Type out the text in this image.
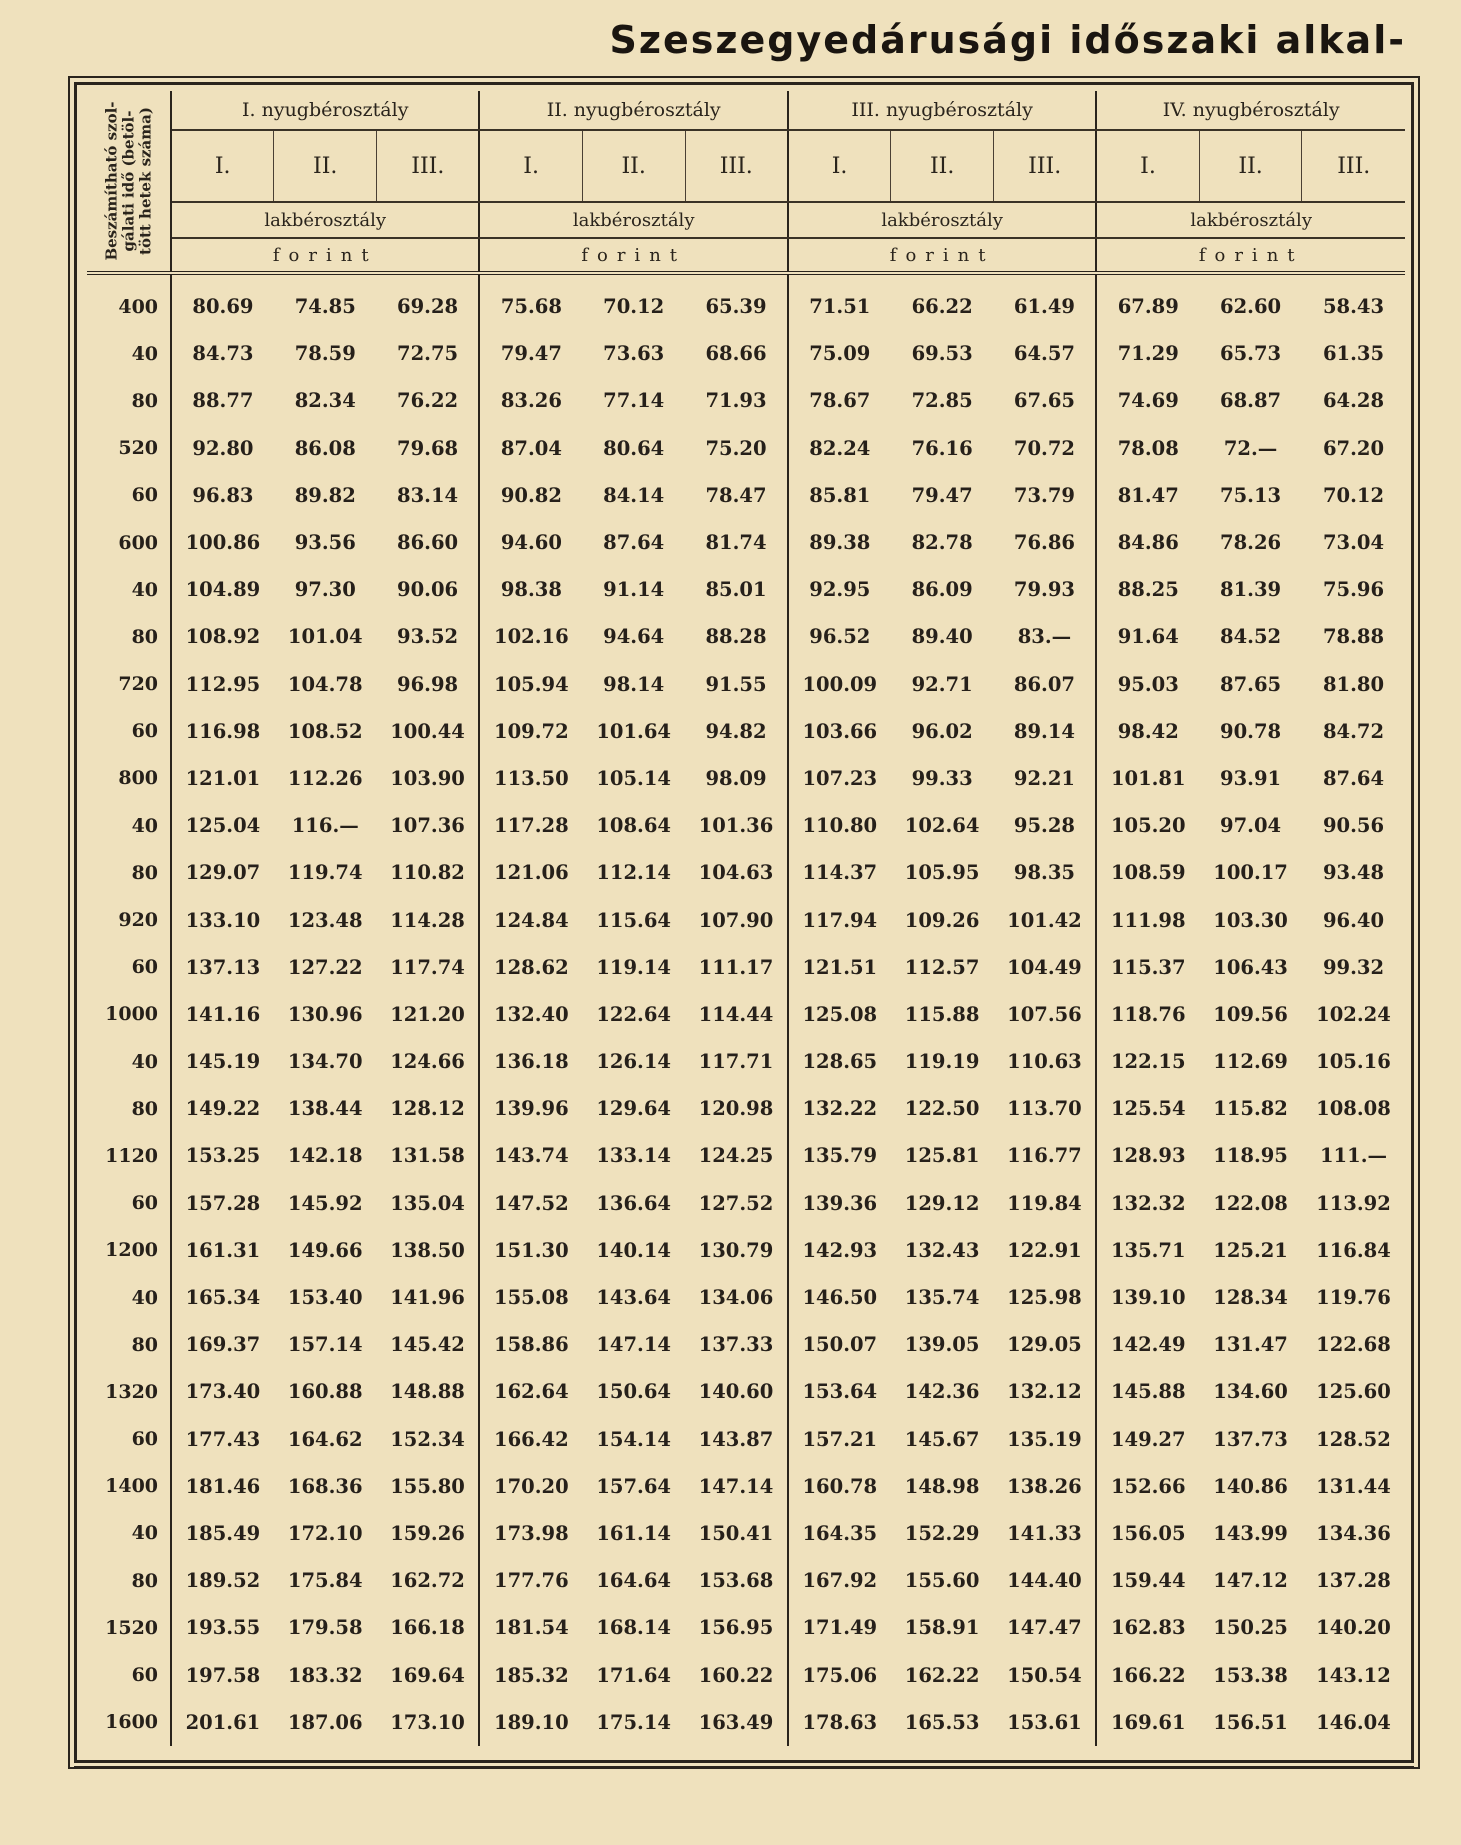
Szeszegyedárusági időszaki alkal-
Beszámítható szol- gálati idő (betöl- tött hetek száma)	I. nyugbérosztály			II. nyugbérosztály			III. nyugbérosztály			IV. nyugbérosztály		
	I.	II.	III.	I.	II.	III.	I.	II.	III.	I.	II.	III.
	lakbérosztály			lakbérosztály			lakbérosztály			lakbérosztály		
	forint			forint			forint			forint		
400	80.69	74.85	69.28	75.68	70.12	65.39	71.51	66.22	61.49	67.89	62.60	58.43
40	84.73	78.59	72.75	79.47	73.63	68.66	75.09	69.53	64.57	71.29	65.73	61.35
80	88.77	82.34	76.22	83.26	77.14	71.93	78.67	72.85	67.65	74.69	68.87	64.28
520	92.80	86.08	79.68	87.04	80.64	75.20	82.24	76.16	70.72	78.08	72.—	67.20
60	96.83	89.82	83.14	90.82	84.14	78.47	85.81	79.47	73.79	81.47	75.13	70.12
600	100.86	93.56	86.60	94.60	87.64	81.74	89.38	82.78	76.86	84.86	78.26	73.04
40	104.89	97.30	90.06	98.38	91.14	85.01	92.95	86.09	79.93	88.25	81.39	75.96
80	108.92	101.04	93.52	102.16	94.64	88.28	96.52	89.40	83.—	91.64	84.52	78.88
720	112.95	104.78	96.98	105.94	98.14	91.55	100.09	92.71	86.07	95.03	87.65	81.80
60	116.98	108.52	100.44	109.72	101.64	94.82	103.66	96.02	89.14	98.42	90.78	84.72
800	121.01	112.26	103.90	113.50	105.14	98.09	107.23	99.33	92.21	101.81	93.91	87.64
40	125.04	116.—	107.36	117.28	108.64	101.36	110.80	102.64	95.28	105.20	97.04	90.56
80	129.07	119.74	110.82	121.06	112.14	104.63	114.37	105.95	98.35	108.59	100.17	93.48
920	133.10	123.48	114.28	124.84	115.64	107.90	117.94	109.26	101.42	111.98	103.30	96.40
60	137.13	127.22	117.74	128.62	119.14	111.17	121.51	112.57	104.49	115.37	106.43	99.32
1000	141.16	130.96	121.20	132.40	122.64	114.44	125.08	115.88	107.56	118.76	109.56	102.24
40	145.19	134.70	124.66	136.18	126.14	117.71	128.65	119.19	110.63	122.15	112.69	105.16
80	149.22	138.44	128.12	139.96	129.64	120.98	132.22	122.50	113.70	125.54	115.82	108.08
1120	153.25	142.18	131.58	143.74	133.14	124.25	135.79	125.81	116.77	128.93	118.95	111.—
60	157.28	145.92	135.04	147.52	136.64	127.52	139.36	129.12	119.84	132.32	122.08	113.92
1200	161.31	149.66	138.50	151.30	140.14	130.79	142.93	132.43	122.91	135.71	125.21	116.84
40	165.34	153.40	141.96	155.08	143.64	134.06	146.50	135.74	125.98	139.10	128.34	119.76
80	169.37	157.14	145.42	158.86	147.14	137.33	150.07	139.05	129.05	142.49	131.47	122.68
1320	173.40	160.88	148.88	162.64	150.64	140.60	153.64	142.36	132.12	145.88	134.60	125.60
60	177.43	164.62	152.34	166.42	154.14	143.87	157.21	145.67	135.19	149.27	137.73	128.52
1400	181.46	168.36	155.80	170.20	157.64	147.14	160.78	148.98	138.26	152.66	140.86	131.44
40	185.49	172.10	159.26	173.98	161.14	150.41	164.35	152.29	141.33	156.05	143.99	134.36
80	189.52	175.84	162.72	177.76	164.64	153.68	167.92	155.60	144.40	159.44	147.12	137.28
1520	193.55	179.58	166.18	181.54	168.14	156.95	171.49	158.91	147.47	162.83	150.25	140.20
60	197.58	183.32	169.64	185.32	171.64	160.22	175.06	162.22	150.54	166.22	153.38	143.12
1600	201.61	187.06	173.10	189.10	175.14	163.49	178.63	165.53	153.61	169.61	156.51	146.04
